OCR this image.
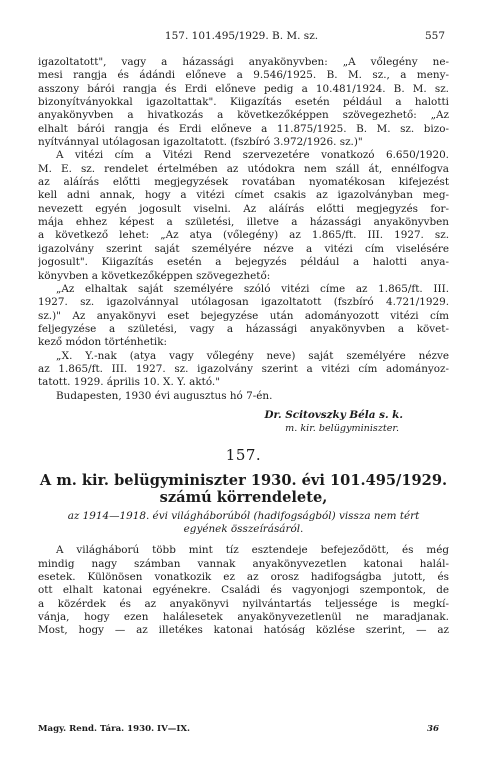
157. 101.495/1929. B. M. sz.	557

igazoltatott", vagy a házassági anyakönyvben: „A vőlegény ne-
mesi rangja és ádándi előneve a 9.546/1925. B. M. sz., a meny-
asszony bárói rangja és Erdi előneve pedig a 10.481/1924. B. M. sz.
bizonyítványokkal igazoltattak". Kiigazítás esetén például a halotti
anyakönyvben a hivatkozás a következőképpen szövegezhető: „Az
elhalt bárói rangja és Erdi előneve a 11.875/1925. B. M. sz. bizo-
nyítvánnyal utólagosan igazoltatott. (fszbíró 3.972/1926. sz.)"

A vitézi cím a Vitézi Rend szervezetére vonatkozó 6.650/1920.
M. E. sz. rendelet értelmében az utódokra nem száll át, ennélfogva
az aláírás előtti megjegyzések rovatában nyomatékosan kifejezést
kell adni annak, hogy a vitézi címet csakis az igazolványban meg-
nevezett egyén jogosult viselni. Az aláírás előtti megjegyzés for-
mája ehhez képest a születési, illetve a házassági anyakönyvben
a következő lehet: „Az atya (vőlegény) az 1.865/ft. III. 1927. sz.
igazolvány szerint saját személyére nézve a vitézi cím viselésére
jogosult". Kiigazítás esetén a bejegyzés például a halotti anya-
könyvben a következőképpen szövegezhető:

„Az elhaltak saját személyére szóló vitézi címe az 1.865/ft. III.
1927. sz. igazolvánnyal utólagosan igazoltatott (fszbíró 4.721/1929.
sz.)" Az anyakönyvi eset bejegyzése után adományozott vitézi cím
feljegyzése a születési, vagy a házassági anyakönyvben a követ-
kező módon történhetik:

„X. Y.-nak (atya vagy vőlegény neve) saját személyére nézve
az 1.865/ft. III. 1927. sz. igazolvány szerint a vitézi cím adományoz-
tatott. 1929. április 10. X. Y. aktó."

Budapesten, 1930 évi augusztus hó 7-én.

Dr. Scitovszky Béla s. k.
m. kir. belügyminiszter.
157.
A m. kir. belügyminiszter 1930. évi 101.495/1929.
számú körrendelete,
az 1914—1918. évi világháborúból (hadifogságból) vissza nem tért
egyének összeírásáról.

A világháború több mint tíz esztendeje befejeződött, és még
mindig nagy számban vannak anyakönyvezetlen katonai halál-
esetek. Különösen vonatkozik ez az orosz hadifogságba jutott, és
ott elhalt katonai egyénekre. Családi és vagyonjogi szempontok, de
a közérdek és az anyakönyvi nyilvántartás teljessége is megkí-
vánja, hogy ezen halálesetek anyakönyvezetlenül ne maradjanak.
Most, hogy — az illetékes katonai hatóság közlése szerint, — az

Magy. Rend. Tára. 1930. IV—IX.	36
